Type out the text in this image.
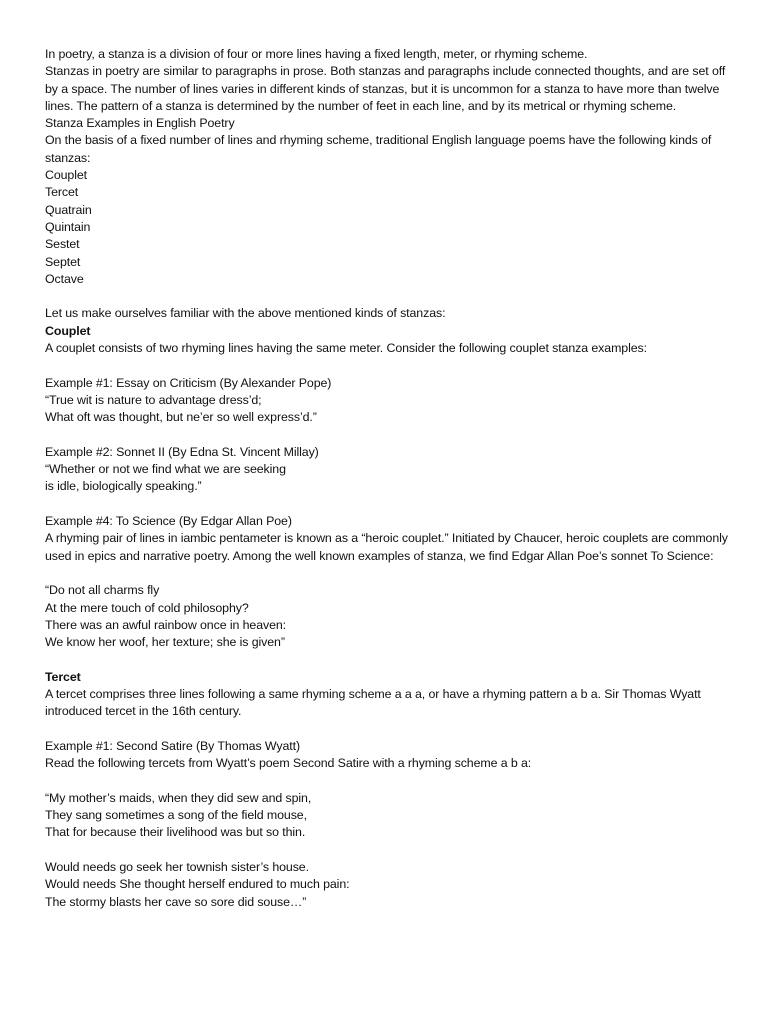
In poetry, a stanza is a division of four or more lines having a fixed length, meter, or rhyming scheme.
Stanzas in poetry are similar to paragraphs in prose. Both stanzas and paragraphs include connected thoughts, and are set off by a space. The number of lines varies in different kinds of stanzas, but it is uncommon for a stanza to have more than twelve lines. The pattern of a stanza is determined by the number of feet in each line, and by its metrical or rhyming scheme.
Stanza Examples in English Poetry
On the basis of a fixed number of lines and rhyming scheme, traditional English language poems have the following kinds of stanzas:
Couplet
Tercet
Quatrain
Quintain
Sestet
Septet
Octave
Let us make ourselves familiar with the above mentioned kinds of stanzas:
Couplet
A couplet consists of two rhyming lines having the same meter. Consider the following couplet stanza examples:
Example #1: Essay on Criticism (By Alexander Pope)
“True wit is nature to advantage dress’d;
What oft was thought, but ne’er so well express’d.”
Example #2: Sonnet II (By Edna St. Vincent Millay)
“Whether or not we find what we are seeking
is idle, biologically speaking.”
Example #4: To Science (By Edgar Allan Poe)
A rhyming pair of lines in iambic pentameter is known as a “heroic couplet.” Initiated by Chaucer, heroic couplets are commonly used in epics and narrative poetry. Among the well known examples of stanza, we find Edgar Allan Poe’s sonnet To Science:
“Do not all charms fly
At the mere touch of cold philosophy?
There was an awful rainbow once in heaven:
We know her woof, her texture; she is given”
Tercet
A tercet comprises three lines following a same rhyming scheme a a a, or have a rhyming pattern a b a. Sir Thomas Wyatt introduced tercet in the 16th century.
Example #1: Second Satire (By Thomas Wyatt)
Read the following tercets from Wyatt’s poem Second Satire with a rhyming scheme a b a:
“My mother’s maids, when they did sew and spin,
They sang sometimes a song of the field mouse,
That for because their livelihood was but so thin.
Would needs go seek her townish sister’s house.
Would needs She thought herself endured to much pain:
The stormy blasts her cave so sore did souse…”
